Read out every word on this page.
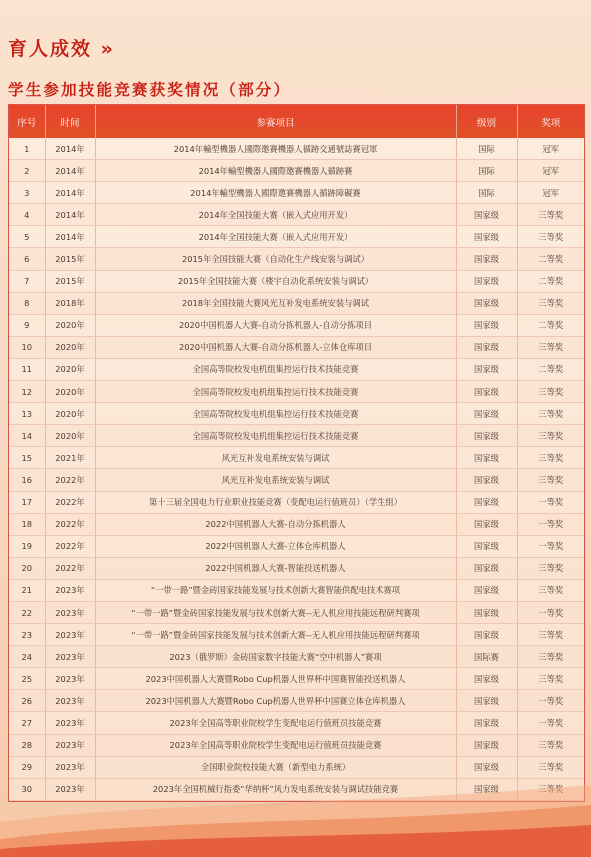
育人成效 »
学生参加技能竞赛获奖情况（部分）
序号	时间	参赛项目	级别	奖项
1	2014年	2014年輸型機器人國際邀賽機器人循跡交通號誌賽冠軍	国际	冠军
2	2014年	2014年輸型機器人國際邀賽機器人循跡賽	国际	冠军
3	2014年	2014年輸型機器人國際邀賽機器人循跡障礙賽	国际	冠军
4	2014年	2014年全国技能大赛（嵌入式应用开发）	国家级	三等奖
5	2014年	2014年全国技能大赛（嵌入式应用开发）	国家级	三等奖
6	2015年	2015年全国技能大赛（自动化生产线安装与调试）	国家级	二等奖
7	2015年	2015年全国技能大赛（楼宇自动化系统安装与调试）	国家级	二等奖
8	2018年	2018年全国技能大赛风光互补发电系统安装与调试	国家级	三等奖
9	2020年	2020中国机器人大赛-自动分拣机器人-自动分拣项目	国家级	二等奖
10	2020年	2020中国机器人大赛-自动分拣机器人-立体仓库项目	国家级	三等奖
11	2020年	全国高等院校发电机组集控运行技术技能竞赛	国家级	二等奖
12	2020年	全国高等院校发电机组集控运行技术技能竞赛	国家级	三等奖
13	2020年	全国高等院校发电机组集控运行技术技能竞赛	国家级	三等奖
14	2020年	全国高等院校发电机组集控运行技术技能竞赛	国家级	三等奖
15	2021年	风光互补发电系统安装与调试	国家级	三等奖
16	2022年	风光互补发电系统安装与调试	国家级	三等奖
17	2022年	第十三届全国电力行业职业技能竞赛（变配电运行值班员）（学生组）	国家级	一等奖
18	2022年	2022中国机器人大赛-自动分拣机器人	国家级	一等奖
19	2022年	2022中国机器人大赛-立体仓库机器人	国家级	一等奖
20	2022年	2022中国机器人大赛-智能投送机器人	国家级	三等奖
21	2023年	“一带一路”暨金砖国家技能发展与技术创新大赛智能供配电技术赛项	国家级	三等奖
22	2023年	“一带一路”暨金砖国家技能发展与技术创新大赛--无人机应用技能远程研判赛项	国家级	一等奖
23	2023年	“一带一路”暨金砖国家技能发展与技术创新大赛--无人机应用技能远程研判赛项	国家级	三等奖
24	2023年	2023（俄罗斯）金砖国家数字技能大赛“空中机器人”赛项	国际赛	三等奖
25	2023年	2023中国机器人大赛暨Robo Cup机器人世界杯中国赛智能投送机器人	国家级	三等奖
26	2023年	2023中国机器人大赛暨Robo Cup机器人世界杯中国赛立体仓库机器人	国家级	一等奖
27	2023年	2023年全国高等职业院校学生变配电运行值班员技能竞赛	国家级	一等奖
28	2023年	2023年全国高等职业院校学生变配电运行值班员技能竞赛	国家级	三等奖
29	2023年	全国职业院校技能大赛（新型电力系统）	国家级	三等奖
30	2023年	2023年全国机械行指委“华纳杯”风力发电系统安装与调试技能竞赛	国家级	三等奖
